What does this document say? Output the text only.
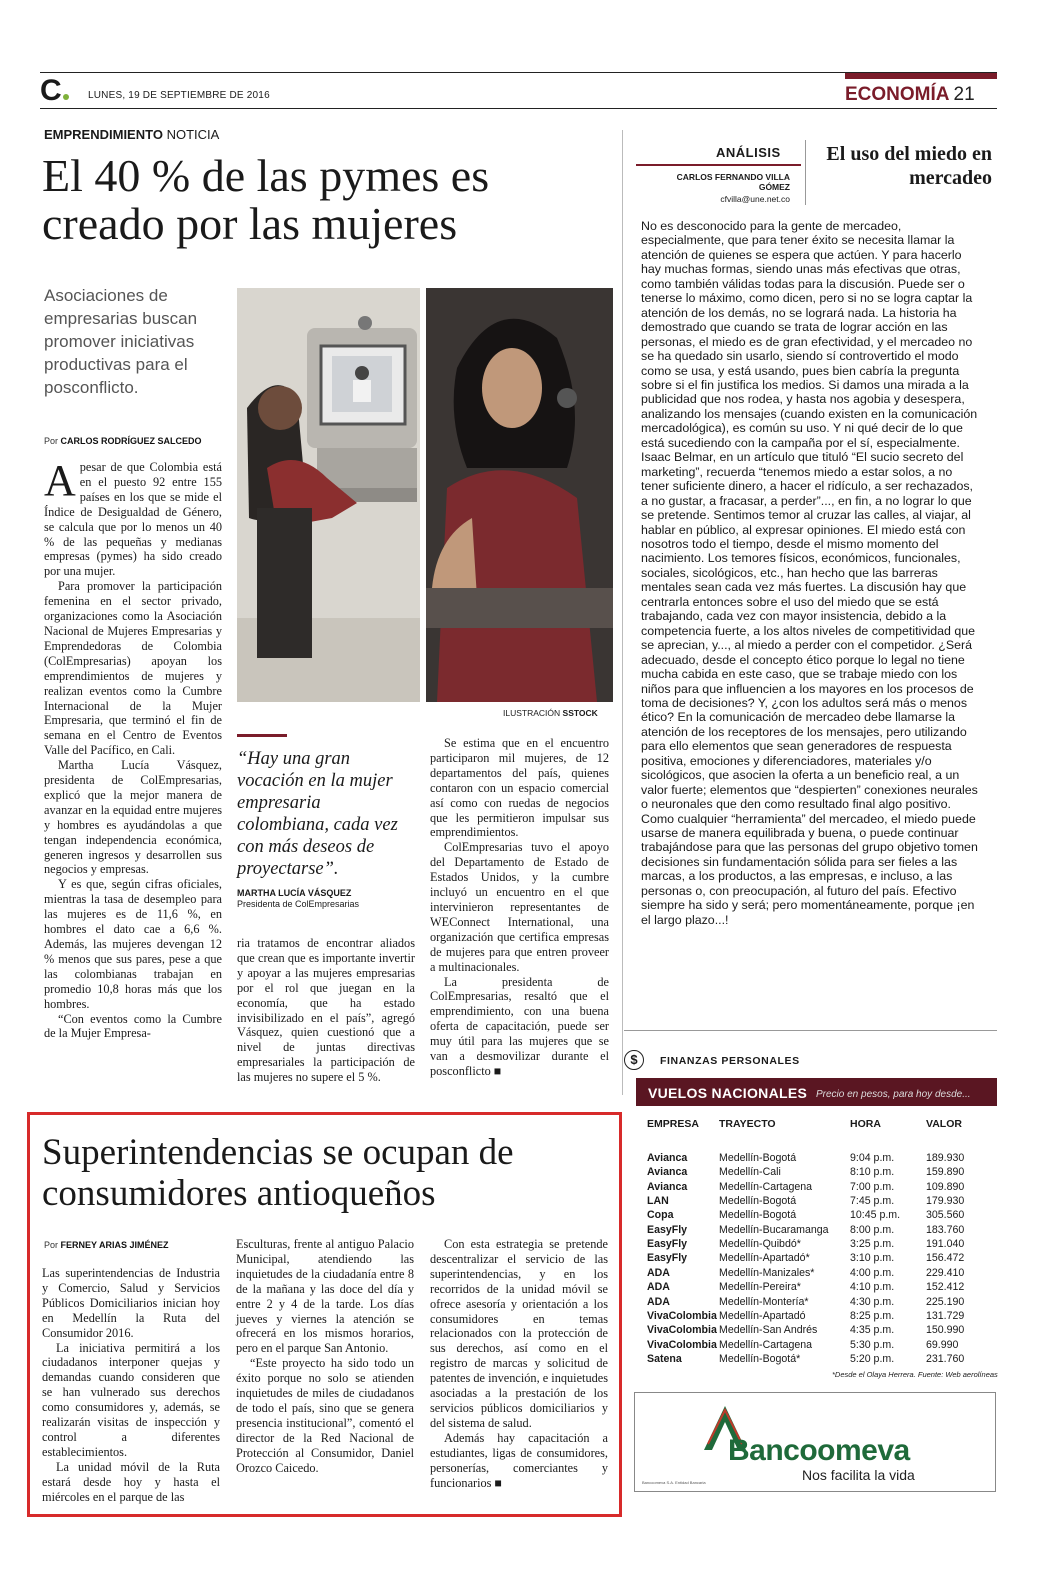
C	LUNES, 19 DE SEPTIEMBRE DE 2016	ECONOMÍA 21
EMPRENDIMIENTO NOTICIA
El 40 % de las pymes es creado por las mujeres
Asociaciones de empresarias buscan promover iniciativas productivas para el posconflicto.
Por CARLOS RODRÍGUEZ SALCEDO

Apesar de que Colombia está en el puesto 92 entre 155 países en los que se mide el Índice de Desigualdad de Género, se calcula que por lo menos un 40 % de las pequeñas y medianas empresas (pymes) ha sido creado por una mujer.

Para promover la participación femenina en el sector privado, organizaciones como la Asociación Nacional de Mujeres Empresarias y Emprendedoras de Colombia (ColEmpresarias) apoyan los emprendimientos de mujeres y realizan eventos como la Cumbre Internacional de la Mujer Empresaria, que terminó el fin de semana en el Centro de Eventos Valle del Pacífico, en Cali.

Martha Lucía Vásquez, presidenta de ColEmpresarias, explicó que la mejor manera de avanzar en la equidad entre mujeres y hombres es ayudándolas a que tengan independencia económica, generen ingresos y desarrollen sus negocios y empresas.

Y es que, según cifras oficiales, mientras la tasa de desempleo para las mujeres es de 11,6 %, en hombres el dato cae a 6,6 %. Además, las mujeres devengan 12 % menos que sus pares, pese a que las colombianas trabajan en promedio 10,8 horas más que los hombres.

“Con eventos como la Cumbre de la Mujer Empresa-

ILUSTRACIÓN SSTOCK
“Hay una gran vocación en la mujer empresaria colombiana, cada vez con más deseos de proyectarse”.
MARTHA LUCÍA VÁSQUEZ
Presidenta de ColEmpresarias

ria tratamos de encontrar aliados que crean que es importante invertir y apoyar a las mujeres empresarias por el rol que juegan en la economía, que ha estado invisibilizado en el país”, agregó Vásquez, quien cuestionó que a nivel de juntas directivas empresariales la participación de las mujeres no supere el 5 %.

Se estima que en el encuentro participaron mil mujeres, de 12 departamentos del país, quienes contaron con un espacio comercial así como con ruedas de negocios que les permitieron impulsar sus emprendimientos.

ColEmpresarias tuvo el apoyo del Departamento de Estado de Estados Unidos, y la cumbre incluyó un encuentro en el que intervinieron representantes de WEConnect International, una organización que certifica empresas de mujeres para que entren proveer a multinacionales.

La presidenta de ColEmpresarias, resaltó que el emprendimiento, con una buena oferta de capacitación, puede ser muy útil para las mujeres que se van a desmovilizar durante el posconflicto ■

ANÁLISIS
CARLOS FERNANDO VILLA GÓMEZ
cfvilla@une.net.co
El uso del miedo en mercadeo

No es desconocido para la gente de mercadeo, especialmente, que para tener éxito se necesita llamar la atención de quienes se espera que actúen. Y para hacerlo hay muchas formas, siendo unas más efectivas que otras, como también válidas todas para la discusión. Puede ser o tenerse lo máximo, como dicen, pero si no se logra captar la atención de los demás, no se logrará nada. La historia ha demostrado que cuando se trata de lograr acción en las personas, el miedo es de gran efectividad, y el mercadeo no se ha quedado sin usarlo, siendo sí controvertido el modo como se usa, y está usando, pues bien cabría la pregunta sobre si el fin justifica los medios. Si damos una mirada a la publicidad que nos rodea, y hasta nos agobia y desespera, analizando los mensajes (cuando existen en la comunicación mercadológica), es común su uso. Y ni qué decir de lo que está sucediendo con la campaña por el sí, especialmente.

Isaac Belmar, en un artículo que tituló “El sucio secreto del marketing”, recuerda “tenemos miedo a estar solos, a no tener suficiente dinero, a hacer el ridículo, a ser rechazados, a no gustar, a fracasar, a perder”..., en fin, a no lograr lo que se pretende. Sentimos temor al cruzar las calles, al viajar, al hablar en público, al expresar opiniones. El miedo está con nosotros todo el tiempo, desde el mismo momento del nacimiento. Los temores físicos, económicos, funcionales, sociales, sicológicos, etc., han hecho que las barreras mentales sean cada vez más fuertes. La discusión hay que centrarla entonces sobre el uso del miedo que se está trabajando, cada vez con mayor insistencia, debido a la competencia fuerte, a los altos niveles de competitividad que se aprecian, y..., al miedo a perder con el competidor. ¿Será adecuado, desde el concepto ético porque lo legal no tiene mucha cabida en este caso, que se trabaje miedo con los niños para que influencien a los mayores en los procesos de toma de decisiones? Y, ¿con los adultos será más o menos ético? En la comunicación de mercadeo debe llamarse la atención de los receptores de los mensajes, pero utilizando para ello elementos que sean generadores de respuesta positiva, emociones y diferenciadores, materiales y/o sicológicos, que asocien la oferta a un beneficio real, a un valor fuerte; elementos que “despierten” conexiones neurales o neuronales que den como resultado final algo positivo. Como cualquier “herramienta” del mercadeo, el miedo puede usarse de manera equilibrada y buena, o puede continuar trabajándose para que las personas del grupo objetivo tomen decisiones sin fundamentación sólida para ser fieles a las marcas, a los productos, a las empresas, e incluso, a las personas o, con preocupación, al futuro del país. Efectivo siempre ha sido y será; pero momentáneamente, porque ¡en el largo plazo...!

$	FINANZAS PERSONALES
VUELOS NACIONALES Precio en pesos, para hoy desde...
EMPRESA TRAYECTO	HORA	VALOR
Avianca	Medellín-Bogotá	9:04 p.m.	189.930
Avianca	Medellín-Cali	8:10 p.m.	159.890
Avianca	Medellín-Cartagena	7:00 p.m.	109.890
LAN	Medellín-Bogotá	7:45 p.m.	179.930
Copa	Medellín-Bogotá	10:45 p.m. 305.560
EasyFly	Medellín-Bucaramanga 8:00 p.m.	183.760
EasyFly	Medellín-Quibdó*	3:25 p.m.	191.040
EasyFly	Medellín-Apartadó*	3:10 p.m.	156.472
ADA	Medellín-Manizales*	4:00 p.m.	229.410
ADA	Medellín-Pereira*	4:10 p.m.	152.412
ADA	Medellín-Montería*	4:30 p.m.	225.190
VivaColombia Medellín-Apartadó	8:25 p.m.	131.729
VivaColombia Medellín-San Andrés	4:35 p.m.	150.990
VivaColombia Medellín-Cartagena	5:30 p.m.	69.990
Satena	Medellín-Bogotá*	5:20 p.m.	231.760
*Desde el Olaya Herrera. Fuente: Web aerolíneas
Bancoomeva
Nos facilita la vida
Bancoomeva S.A. Entidad Bancaria
Superintendencias se ocupan de consumidores antioqueños
Por FERNEY ARIAS JIMÉNEZ

Las superintendencias de Industria y Comercio, Salud y Servicios Públicos Domiciliarios inician hoy en Medellín la Ruta del Consumidor 2016.

La iniciativa permitirá a los ciudadanos interponer quejas y demandas cuando consideren que se han vulnerado sus derechos como consumidores y, además, se realizarán visitas de inspección y control a diferentes establecimientos.

La unidad móvil de la Ruta estará desde hoy y hasta el miércoles en el parque de las

Esculturas, frente al antiguo Palacio Municipal, atendiendo las inquietudes de la ciudadanía entre 8 de la mañana y las doce del día y entre 2 y 4 de la tarde. Los días jueves y viernes la atención se ofrecerá en los mismos horarios, pero en el parque San Antonio.

“Este proyecto ha sido todo un éxito porque no solo se atienden inquietudes de miles de ciudadanos de todo el país, sino que se genera presencia institucional”, comentó el director de la Red Nacional de Protección al Consumidor, Daniel Orozco Caicedo.

Con esta estrategia se pretende descentralizar el servicio de las superintendencias, y en los recorridos de la unidad móvil se ofrece asesoría y orientación a los consumidores en temas relacionados con la protección de sus derechos, así como en el registro de marcas y solicitud de patentes de invención, e inquietudes asociadas a la prestación de los servicios públicos domiciliarios y del sistema de salud.

Además hay capacitación a estudiantes, ligas de consumidores, personerías, comerciantes y funcionarios ■
